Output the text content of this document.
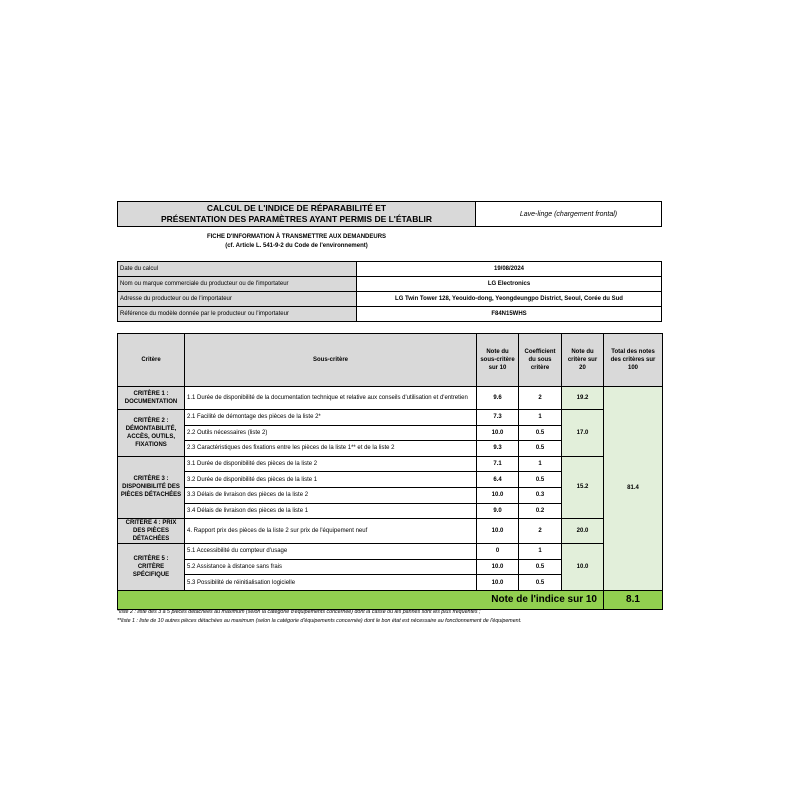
CALCUL DE L'INDICE DE RÉPARABILITÉ ET
PRÉSENTATION DES PARAMÈTRES AYANT PERMIS DE L'ÉTABLIR	Lave-linge (chargement frontal)
FICHE D'INFORMATION À TRANSMETTRE AUX DEMANDEURS
(cf. Article L. 541-9-2 du Code de l'environnement)
Date du calcul	19/08/2024
Nom ou marque commerciale du producteur ou de l'importateur	LG Electronics
Adresse du producteur ou de l'importateur	LG Twin Tower 128, Yeouido-dong, Yeongdeungpo District, Seoul, Corée du Sud
Référence du modèle donnée par le producteur ou l'importateur	F84N15WHS
Critère	Sous-critère	Note du sous-critère sur 10	Coefficient du sous critère	Note du critère sur 20	Total des notes des critères sur 100
CRITÈRE 1 : DOCUMENTATION	1.1 Durée de disponibilité de la documentation technique et relative aux conseils d'utilisation et d'entretien	9.6	2	19.2	81.4
CRITÈRE 2 : DÉMONTABILITÉ, ACCÈS, OUTILS, FIXATIONS	2.1 Facilité de démontage des pièces de la liste 2*	7.3	1	17.0	
	2.2 Outils nécessaires (liste 2)	10.0	0.5		
	2.3 Caractéristiques des fixations entre les pièces de la liste 1** et de la liste 2	9.3	0.5		
CRITÈRE 3 : DISPONIBILITÉ DES PIÈCES DÉTACHÉES	3.1 Durée de disponibilité des pièces de la liste 2	7.1	1	15.2	
	3.2 Durée de disponibilité des pièces de la liste 1	6.4	0.5		
	3.3 Délais de livraison des pièces de la liste 2	10.0	0.3		
	3.4 Délais de livraison des pièces de la liste 1	9.0	0.2		
CRITÈRE 4 : PRIX DES PIÈCES DÉTACHÉES	4. Rapport prix des pièces de la liste 2 sur prix de l'équipement neuf	10.0	2	20.0	
CRITÈRE 5 : CRITÈRE SPÉCIFIQUE	5.1 Accessibilité du compteur d'usage	0	1	10.0	
	5.2 Assistance à distance sans frais	10.0	0.5		
	5.3 Possibilité de réinitialisation logicielle	10.0	0.5		
Note de l'indice sur 10					8.1
*liste 2 : liste des 3 à 5 pièces détachées au maximum (selon la catégorie d'équipements concernée) dont la casse ou les pannes sont les plus fréquentes ;
**liste 1 : liste de 10 autres pièces détachées au maximum (selon la catégorie d'équipements concernée) dont le bon état est nécessaire au fonctionnement de l'équipement.
